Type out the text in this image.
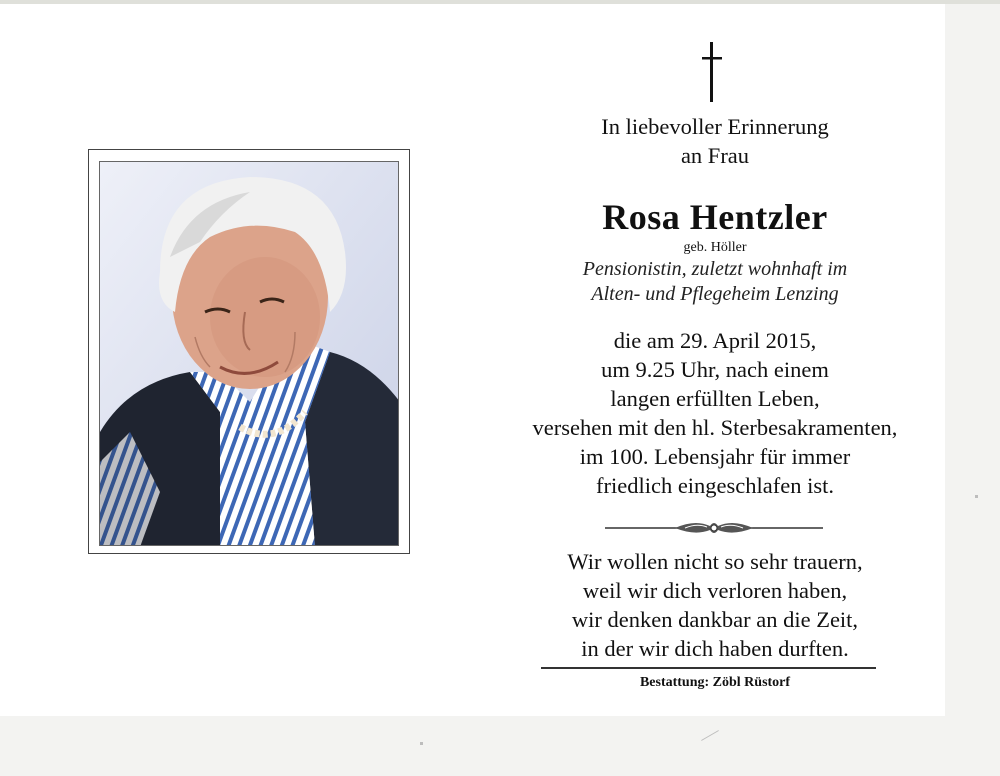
In liebevoller Erinnerung
an Frau
Rosa Hentzler
geb. Höller
Pensionistin, zuletzt wohnhaft im
Alten- und Pflegeheim Lenzing
die am 29. April 2015,
um 9.25 Uhr, nach einem
langen erfüllten Leben,
versehen mit den hl. Sterbesakramenten,
im 100. Lebensjahr für immer
friedlich eingeschlafen ist.
Wir wollen nicht so sehr trauern,
weil wir dich verloren haben,
wir denken dankbar an die Zeit,
in der wir dich haben durften.
Bestattung: Zöbl Rüstorf
